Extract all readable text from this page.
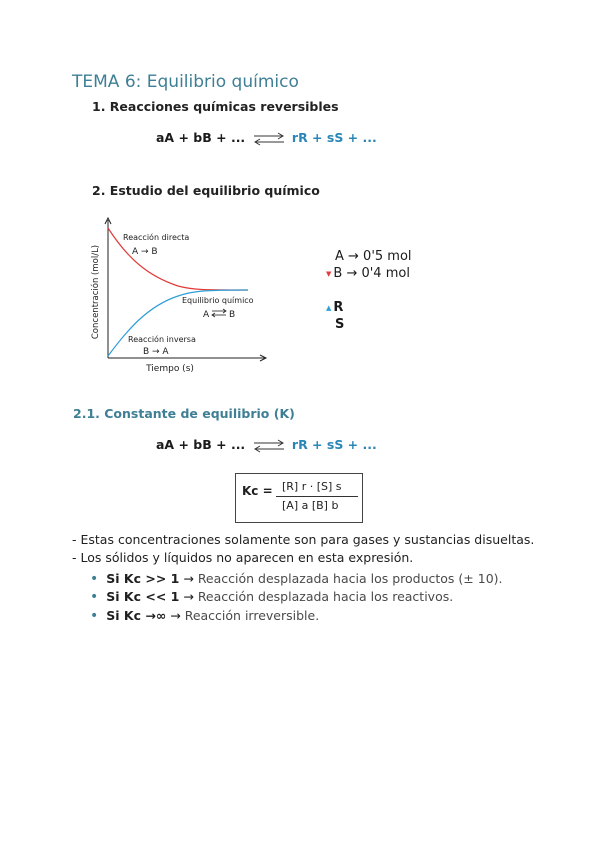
TEMA 6: Equilibrio químico
1. Reacciones químicas reversibles
aA + bB + ... ⇌ rR + sS + ...
2. Estudio del equilibrio químico
Concentración (mol/L)
Tiempo (s)
Reacción directa
A → B
Equilibrio químico
A B
Reacción inversa
B → A
A → 0'5 mol
▼ B → 0'4 mol
▲ R
S
2.1. Constante de equilibrio (K)
aA + bB + ... ⇌ rR + sS + ...
Kc = [R] r · [S] s
[A] a [B] b
- Estas concentraciones solamente son para gases y sustancias disueltas.
- Los sólidos y líquidos no aparecen en esta expresión.
• Si Kc >> 1 → Reacción desplazada hacia los productos (± 10).
• Si Kc << 1 → Reacción desplazada hacia los reactivos.
• Si Kc →∞ → Reacción irreversible.
